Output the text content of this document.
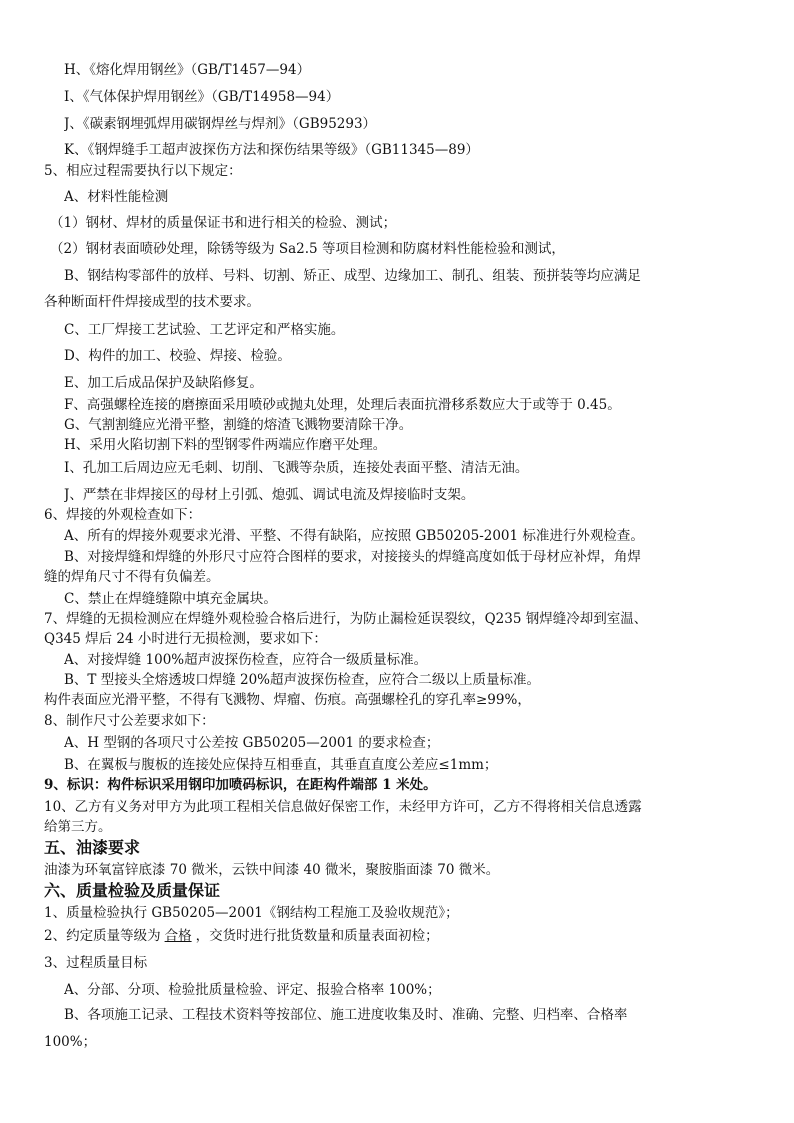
H、《熔化焊用钢丝》（GB/T1457—94）
I、《气体保护焊用钢丝》（GB/T14958—94）
J、《碳素钢埋弧焊用碳钢焊丝与焊剂》（GB95293）
K、《钢焊缝手工超声波探伤方法和探伤结果等级》（GB11345—89）
5、相应过程需要执行以下规定：
A、材料性能检测
（1）钢材、焊材的质量保证书和进行相关的检验、测试；
（2）钢材表面喷砂处理，除锈等级为 Sa2.5 等项目检测和防腐材料性能检验和测试，
B、钢结构零部件的放样、号料、切割、矫正、成型、边缘加工、制孔、组装、预拼装等均应满足
各种断面杆件焊接成型的技术要求。
C、工厂焊接工艺试验、工艺评定和严格实施。
D、构件的加工、校验、焊接、检验。
E、加工后成品保护及缺陷修复。
F、高强螺栓连接的磨擦面采用喷砂或抛丸处理，处理后表面抗滑移系数应大于或等于 0.45。
G、气割割缝应光滑平整，割缝的熔渣飞溅物要清除干净。
H、采用火陷切割下料的型钢零件两端应作磨平处理。
I、孔加工后周边应无毛刺、切削、飞溅等杂质，连接处表面平整、清洁无油。
J、严禁在非焊接区的母材上引弧、熄弧、调试电流及焊接临时支架。
6、焊接的外观检查如下：
A、所有的焊接外观要求光滑、平整、不得有缺陷，应按照 GB50205-2001 标准进行外观检查。
B、对接焊缝和焊缝的外形尺寸应符合图样的要求，对接接头的焊缝高度如低于母材应补焊，角焊
缝的焊角尺寸不得有负偏差。
C、禁止在焊缝缝隙中填充金属块。
7、焊缝的无损检测应在焊缝外观检验合格后进行，为防止漏检延误裂纹，Q235 钢焊缝冷却到室温、
Q345 焊后 24 小时进行无损检测，要求如下：
A、对接焊缝 100%超声波探伤检查，应符合一级质量标准。
B、T 型接头全熔透坡口焊缝 20%超声波探伤检查，应符合二级以上质量标准。
构件表面应光滑平整，不得有飞溅物、焊瘤、伤痕。高强螺栓孔的穿孔率≥99%，
8、制作尺寸公差要求如下：
A、H 型钢的各项尺寸公差按 GB50205—2001 的要求检查；
B、在翼板与腹板的连接处应保持互相垂直，其垂直直度公差应≤1mm；
9、标识：构件标识采用钢印加喷码标识，在距构件端部 1 米处。
10、乙方有义务对甲方为此项工程相关信息做好保密工作，未经甲方许可，乙方不得将相关信息透露
给第三方。
五、油漆要求
油漆为环氧富锌底漆 70 微米，云铁中间漆 40 微米，聚胺脂面漆 70 微米。
六、质量检验及质量保证
1、质量检验执行 GB50205—2001《钢结构工程施工及验收规范》；
2、约定质量等级为 合格 ，交货时进行批货数量和质量表面初检；
3、过程质量目标
A、分部、分项、检验批质量检验、评定、报验合格率 100%；
B、各项施工记录、工程技术资料等按部位、施工进度收集及时、准确、完整、归档率、合格率
100%；
